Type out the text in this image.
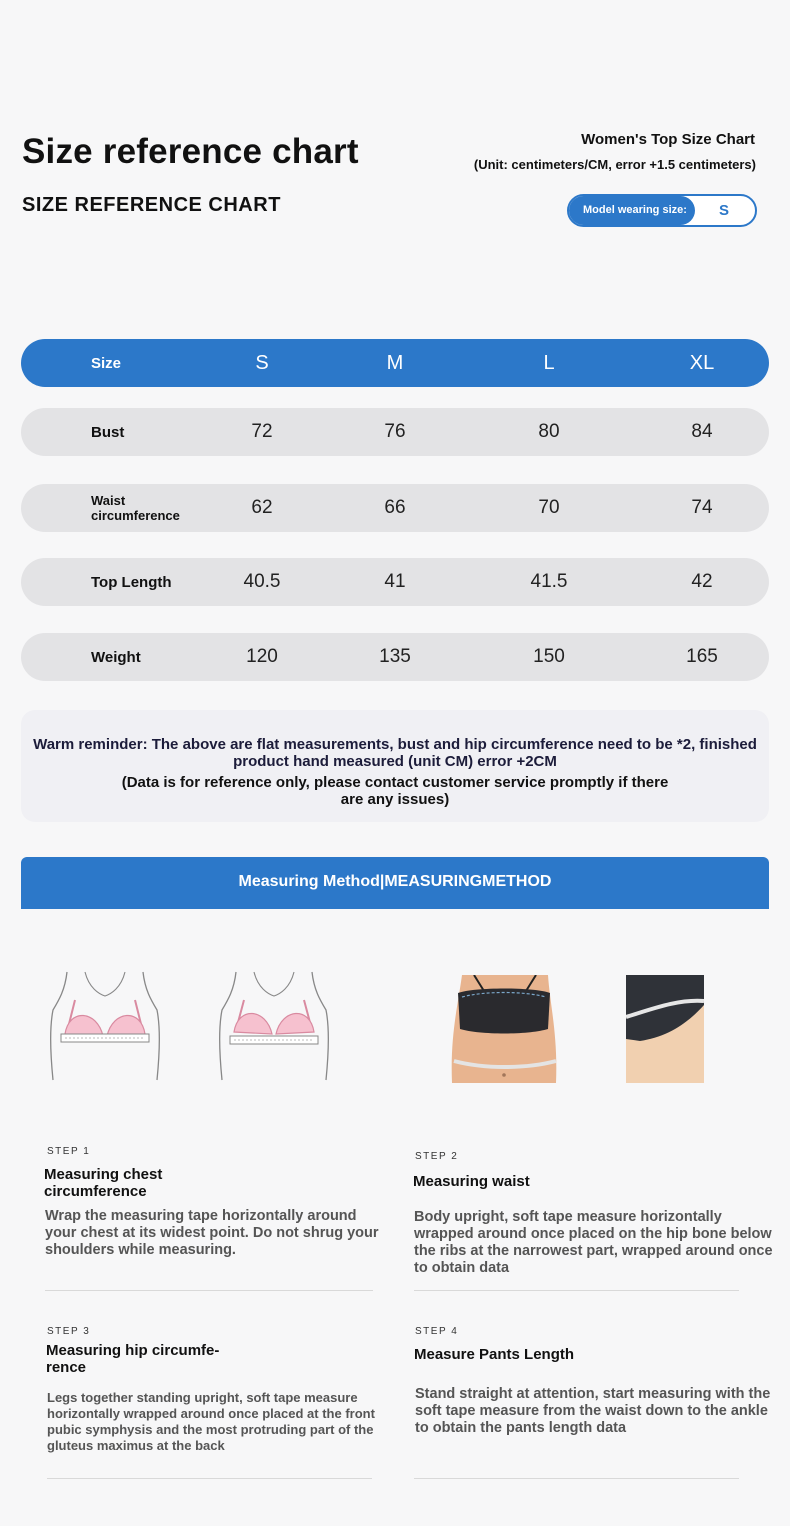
Size reference chart
SIZE REFERENCE CHART
Women's Top Size Chart
(Unit: centimeters/CM, error +1.5 centimeters)
Model wearing size:	S
Size	S	M	L	XL
Bust	72	76	80	84
Waist
circumference	62	66	70	74
Top Length	40.5	41	41.5	42
Weight	120	135	150	165
Warm reminder: The above are flat measurements, bust and hip circumference need to be *2, finished product hand measured (unit CM) error +2CM
(Data is for reference only, please contact customer service promptly if there are any issues)
Measuring Method|MEASURINGMETHOD
STEP 1
Measuring chest
circumference
Wrap the measuring tape horizontally around your chest at its widest point. Do not shrug your shoulders while measuring.
STEP 2
Measuring waist
Body upright, soft tape measure horizontally wrapped around once placed on the hip bone below the ribs at the narrowest part, wrapped around once to obtain data
STEP 3
Measuring hip circumfe-
rence
Legs together standing upright, soft tape measure horizontally wrapped around once placed at the front pubic symphysis and the most protruding part of the gluteus maximus at the back
STEP 4
Measure Pants Length
Stand straight at attention, start measuring with the soft tape measure from the waist down to the ankle to obtain the pants length data
